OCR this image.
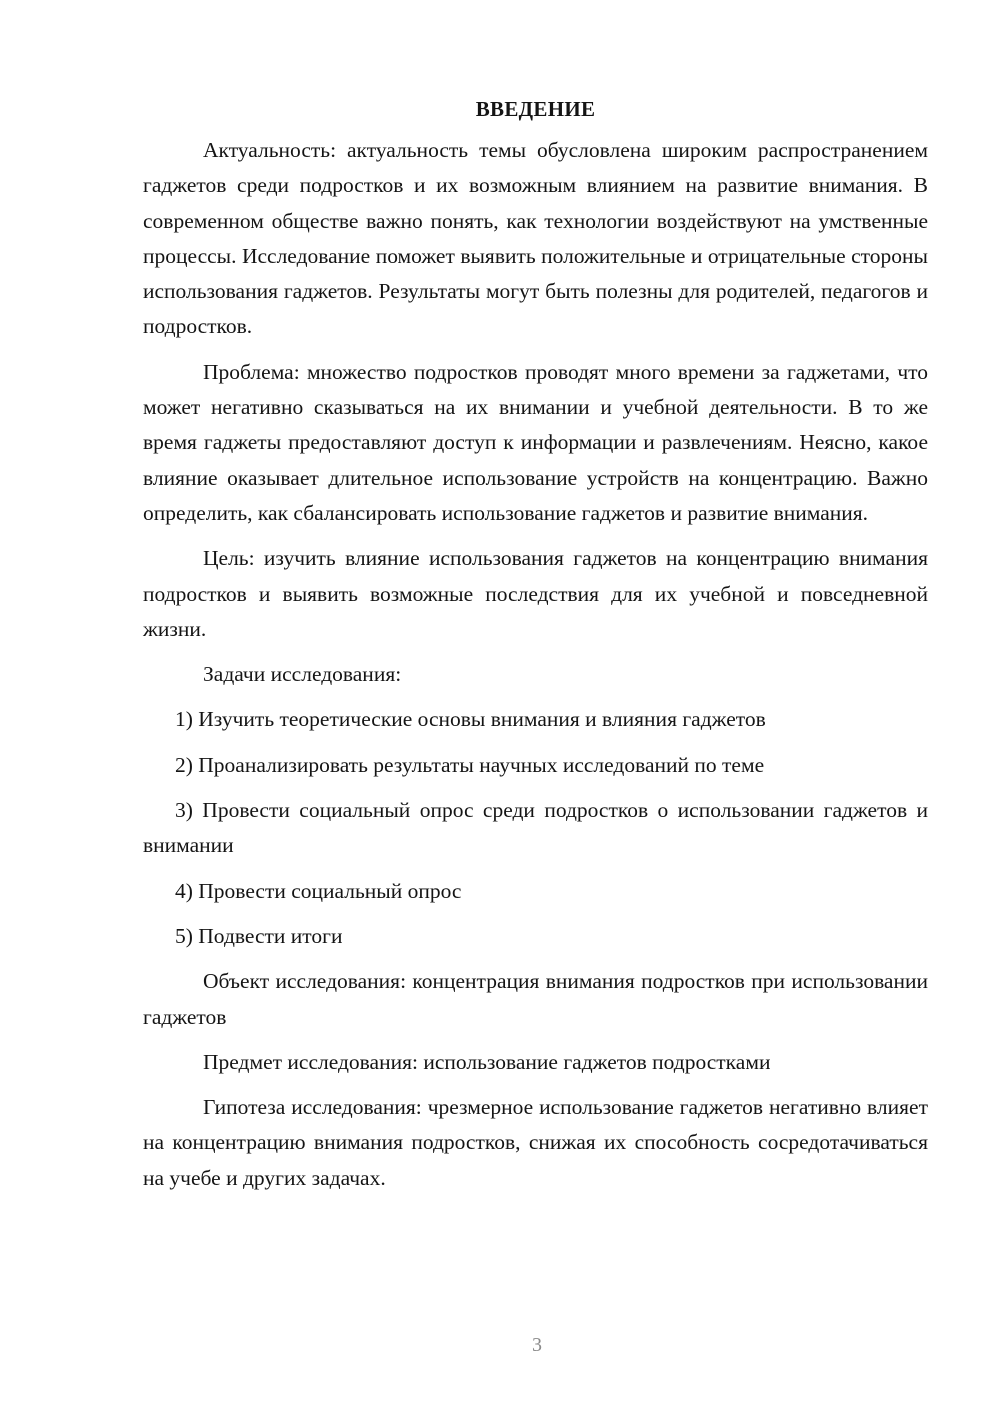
ВВЕДЕНИЕ

Актуальность: актуальность темы обусловлена широким распространением гаджетов среди подростков и их возможным влиянием на развитие внимания. В современном обществе важно понять, как технологии воздействуют на умственные процессы. Исследование поможет выявить положительные и отрицательные стороны использования гаджетов. Результаты могут быть полезны для родителей, педагогов и подростков.

Проблема: множество подростков проводят много времени за гаджетами, что может негативно сказываться на их внимании и учебной деятельности. В то же время гаджеты предоставляют доступ к информации и развлечениям. Неясно, какое влияние оказывает длительное использование устройств на концентрацию. Важно определить, как сбалансировать использование гаджетов и развитие внимания.

Цель: изучить влияние использования гаджетов на концентрацию внимания подростков и выявить возможные последствия для их учебной и повседневной жизни.

Задачи исследования:

1) Изучить теоретические основы внимания и влияния гаджетов

2) Проанализировать результаты научных исследований по теме

3) Провести социальный опрос среди подростков о использовании гаджетов и внимании

4) Провести социальный опрос

5) Подвести итоги

Объект исследования: концентрация внимания подростков при использовании гаджетов

Предмет исследования: использование гаджетов подростками

Гипотеза исследования: чрезмерное использование гаджетов негативно влияет на концентрацию внимания подростков, снижая их способность сосредотачиваться на учебе и других задачах.

3
